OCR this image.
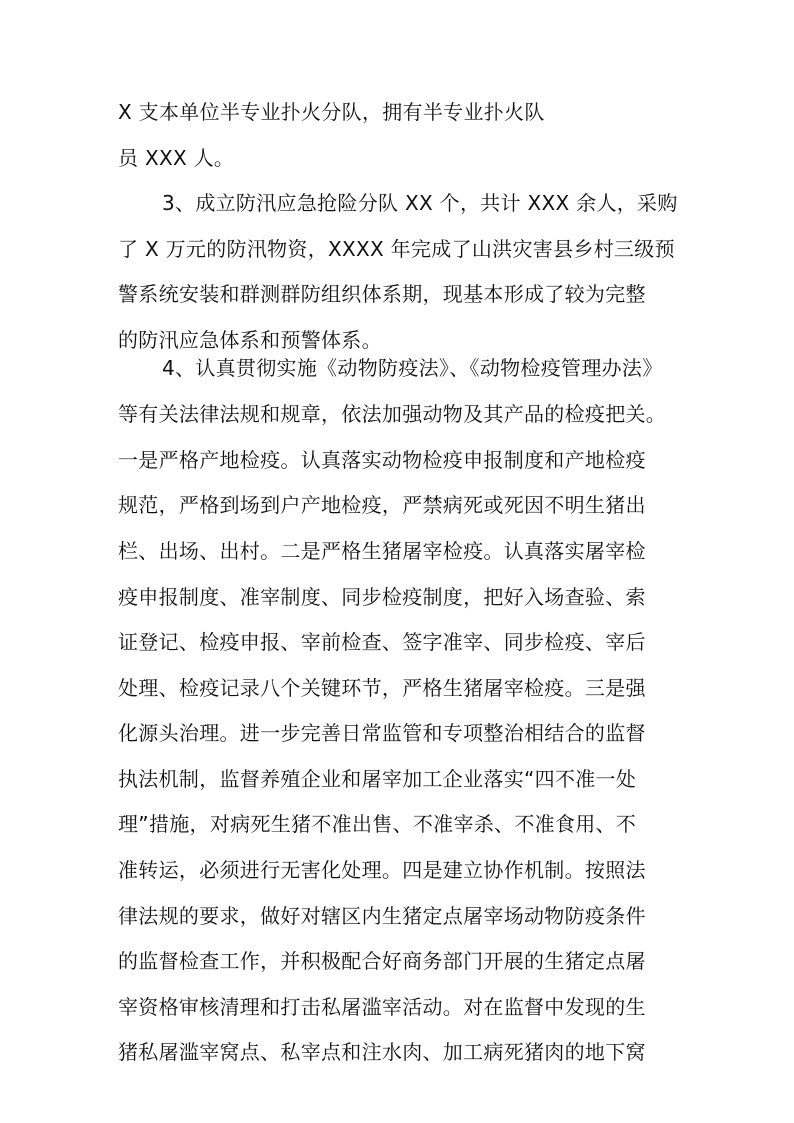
X 支本单位半专业扑火分队，拥有半专业扑火队
员 XXX 人。
3、成立防汛应急抢险分队 XX 个，共计 XXX 余人，采购
了 X 万元的防汛物资，XXXX 年完成了山洪灾害县乡村三级预
警系统安装和群测群防组织体系期，现基本形成了较为完整
的防汛应急体系和预警体系。
4、认真贯彻实施《动物防疫法》、《动物检疫管理办法》
等有关法律法规和规章，依法加强动物及其产品的检疫把关。
一是严格产地检疫。认真落实动物检疫申报制度和产地检疫
规范，严格到场到户产地检疫，严禁病死或死因不明生猪出
栏、出场、出村。二是严格生猪屠宰检疫。认真落实屠宰检
疫申报制度、准宰制度、同步检疫制度，把好入场查验、索
证登记、检疫申报、宰前检查、签字准宰、同步检疫、宰后
处理、检疫记录八个关键环节，严格生猪屠宰检疫。三是强
化源头治理。进一步完善日常监管和专项整治相结合的监督
执法机制，监督养殖企业和屠宰加工企业落实“四不准一处
理”措施，对病死生猪不准出售、不准宰杀、不准食用、不
准转运，必须进行无害化处理。四是建立协作机制。按照法
律法规的要求，做好对辖区内生猪定点屠宰场动物防疫条件
的监督检查工作，并积极配合好商务部门开展的生猪定点屠
宰资格审核清理和打击私屠滥宰活动。对在监督中发现的生
猪私屠滥宰窝点、私宰点和注水肉、加工病死猪肉的地下窝
